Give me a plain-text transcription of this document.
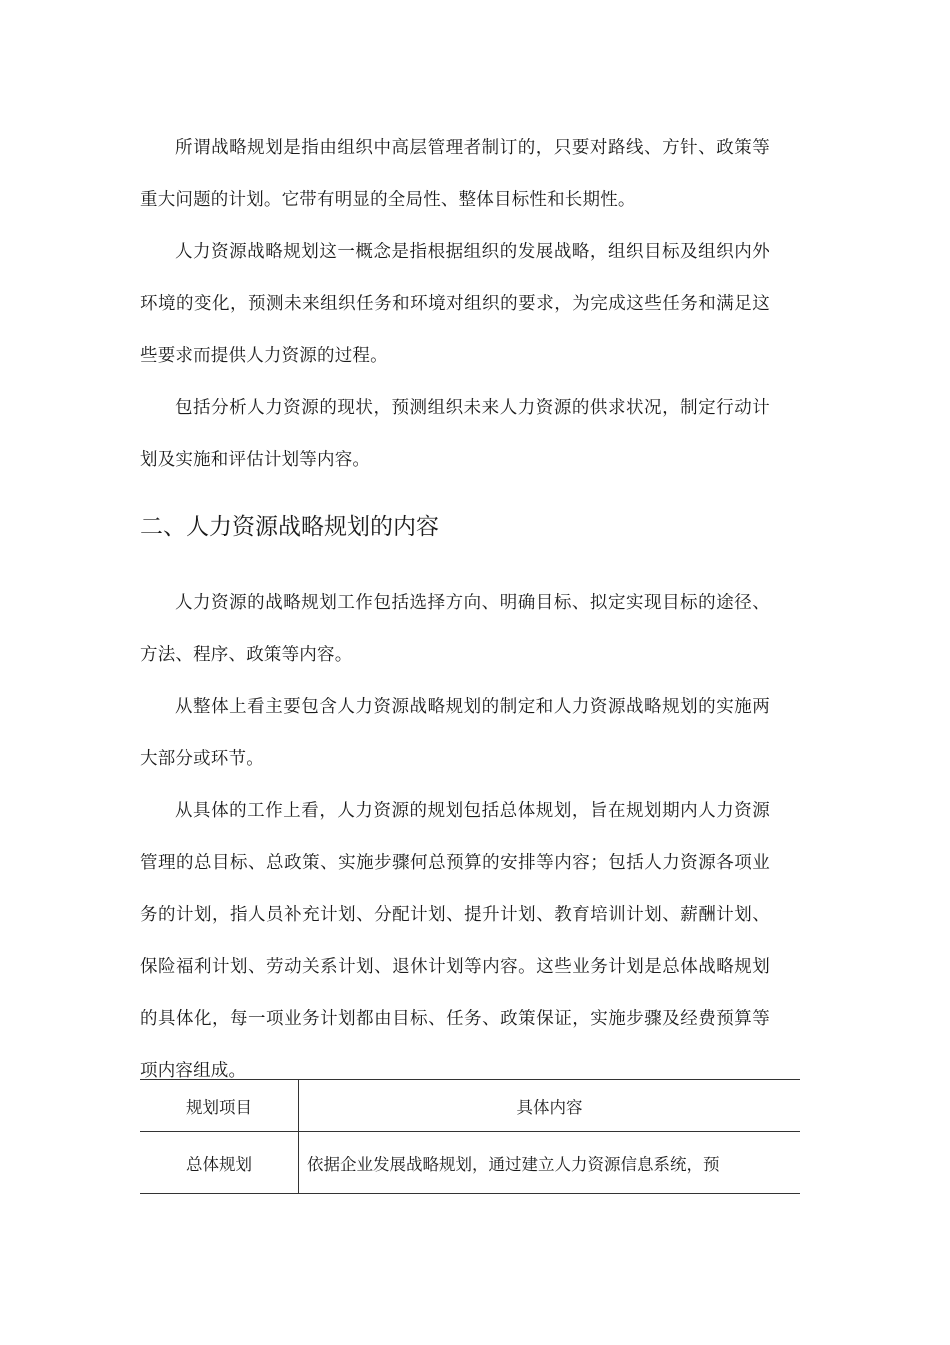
所谓战略规划是指由组织中高层管理者制订的，只要对路线、方针、政策等重大问题的计划。它带有明显的全局性、整体目标性和长期性。

人力资源战略规划这一概念是指根据组织的发展战略，组织目标及组织内外环境的变化，预测未来组织任务和环境对组织的要求，为完成这些任务和满足这些要求而提供人力资源的过程。

包括分析人力资源的现状，预测组织未来人力资源的供求状况，制定行动计划及实施和评估计划等内容。

二、人力资源战略规划的内容

人力资源的战略规划工作包括选择方向、明确目标、拟定实现目标的途径、方法、程序、政策等内容。

从整体上看主要包含人力资源战略规划的制定和人力资源战略规划的实施两大部分或环节。

从具体的工作上看，人力资源的规划包括总体规划，旨在规划期内人力资源管理的总目标、总政策、实施步骤何总预算的安排等内容；包括人力资源各项业务的计划，指人员补充计划、分配计划、提升计划、教育培训计划、薪酬计划、保险福利计划、劳动关系计划、退休计划等内容。这些业务计划是总体战略规划的具体化，每一项业务计划都由目标、任务、政策保证，实施步骤及经费预算等项内容组成。

规划项目	具体内容
总体规划	依据企业发展战略规划，通过建立人力资源信息系统，预
